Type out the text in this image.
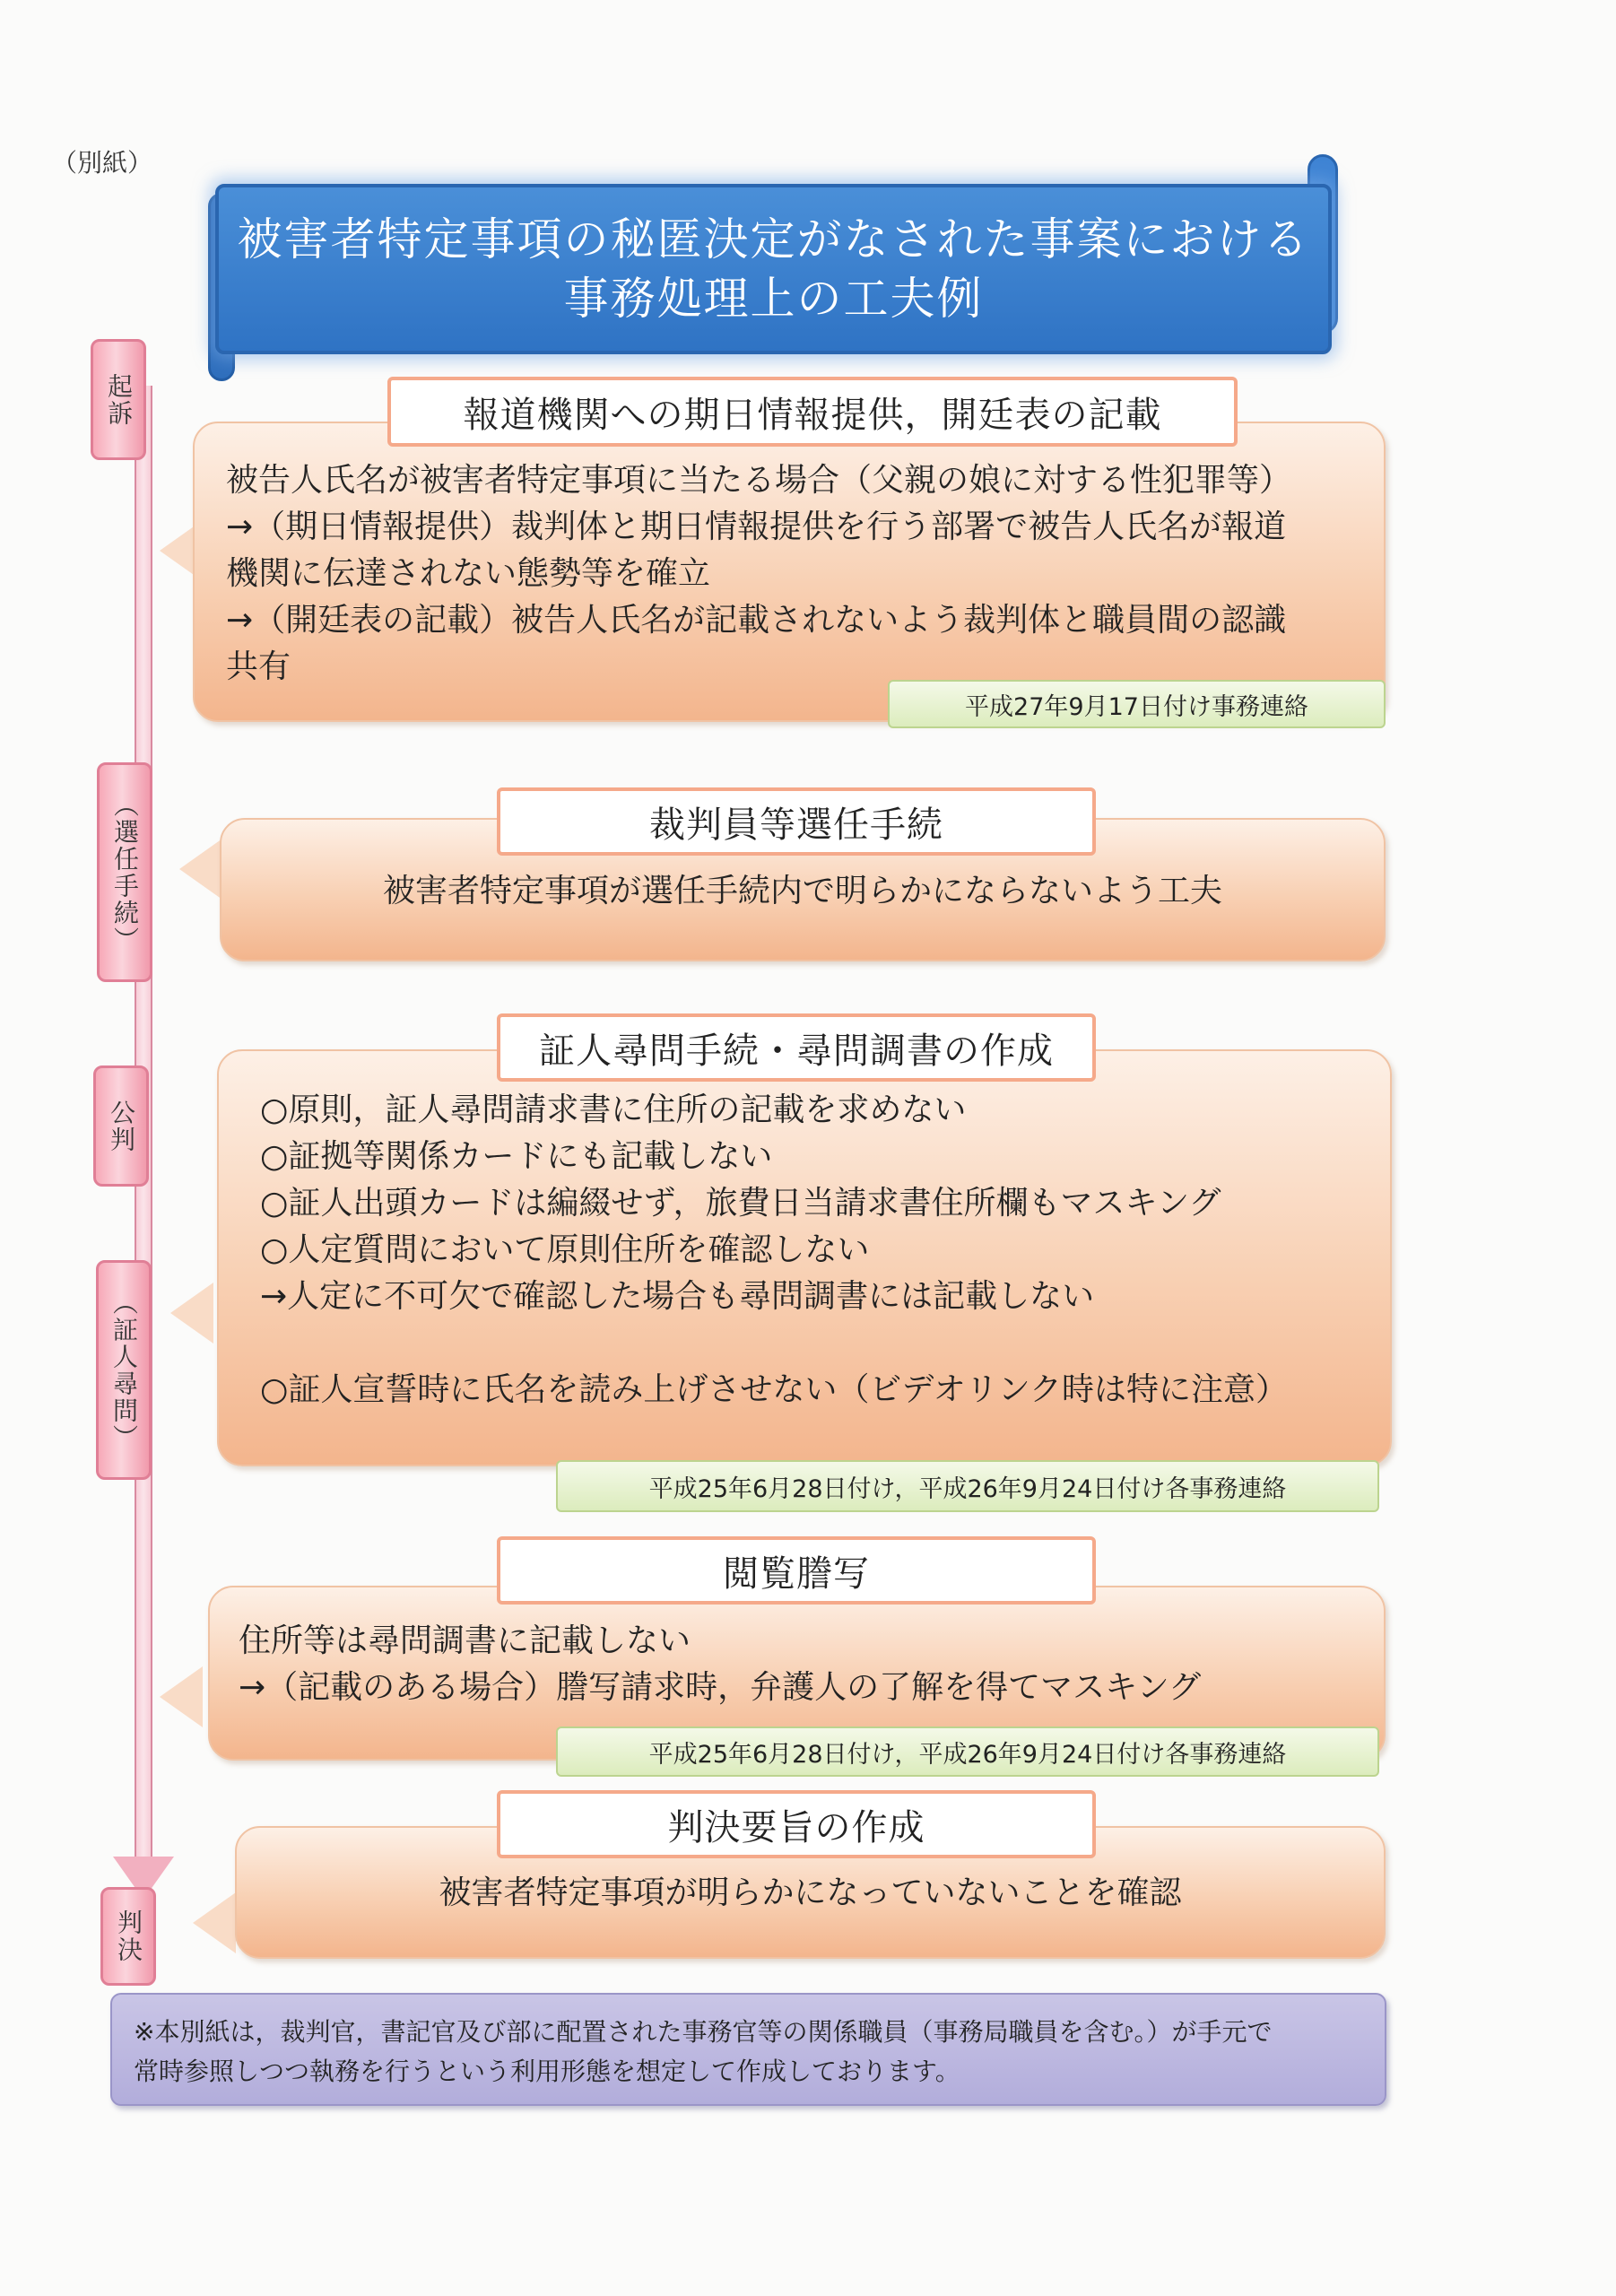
（別紙）
被害者特定事項の秘匿決定がなされた事案における
事務処理上の工夫例
起訴
（選任手続）
公判
（証人尋問）
判決
報道機関への期日情報提供，開廷表の記載
被告人氏名が被害者特定事項に当たる場合（父親の娘に対する性犯罪等）
→（期日情報提供）裁判体と期日情報提供を行う部署で被告人氏名が報道
機関に伝達されない態勢等を確立
→（開廷表の記載）被告人氏名が記載されないよう裁判体と職員間の認識
共有
平成27年9月17日付け事務連絡
裁判員等選任手続
被害者特定事項が選任手続内で明らかにならないよう工夫
証人尋問手続・尋問調書の作成
○原則，証人尋問請求書に住所の記載を求めない
○証拠等関係カードにも記載しない
○証人出頭カードは編綴せず，旅費日当請求書住所欄もマスキング
○人定質問において原則住所を確認しない
→人定に不可欠で確認した場合も尋問調書には記載しない

○証人宣誓時に氏名を読み上げさせない（ビデオリンク時は特に注意）
平成25年6月28日付け，平成26年9月24日付け各事務連絡
閲覧謄写
住所等は尋問調書に記載しない
→（記載のある場合）謄写請求時，弁護人の了解を得てマスキング
平成25年6月28日付け，平成26年9月24日付け各事務連絡
判決要旨の作成
被害者特定事項が明らかになっていないことを確認
※本別紙は，裁判官，書記官及び部に配置された事務官等の関係職員（事務局職員を含む。）が手元で
常時参照しつつ執務を行うという利用形態を想定して作成しております。
